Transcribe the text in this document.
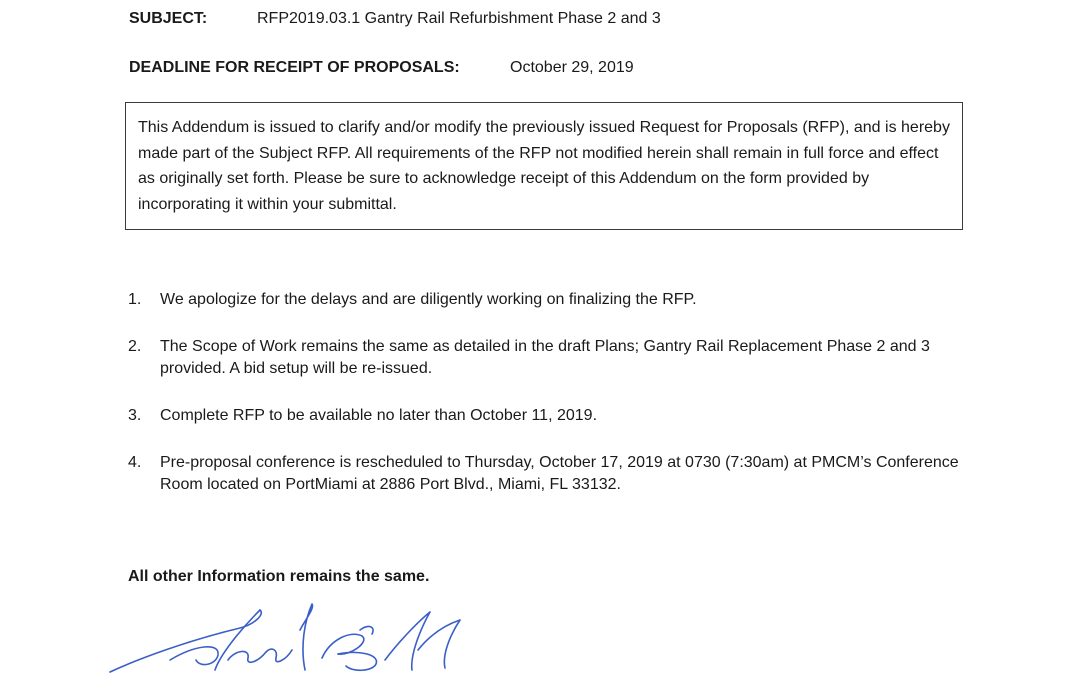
SUBJECT:	RFP2019.03.1 Gantry Rail Refurbishment Phase 2 and 3
DEADLINE FOR RECEIPT OF PROPOSALS:	October 29, 2019
This Addendum is issued to clarify and/or modify the previously issued Request for Proposals (RFP), and is hereby made part of the Subject RFP. All requirements of the RFP not modified herein shall remain in full force and effect as originally set forth. Please be sure to acknowledge receipt of this Addendum on the form provided by incorporating it within your submittal.
1. We apologize for the delays and are diligently working on finalizing the RFP.
2. The Scope of Work remains the same as detailed in the draft Plans; Gantry Rail Replacement Phase 2 and 3 provided. A bid setup will be re-issued.
3. Complete RFP to be available no later than October 11, 2019.
4. Pre-proposal conference is rescheduled to Thursday, October 17, 2019 at 0730 (7:30am) at PMCM’s Conference Room located on PortMiami at 2886 Port Blvd., Miami, FL 33132.
All other Information remains the same.
